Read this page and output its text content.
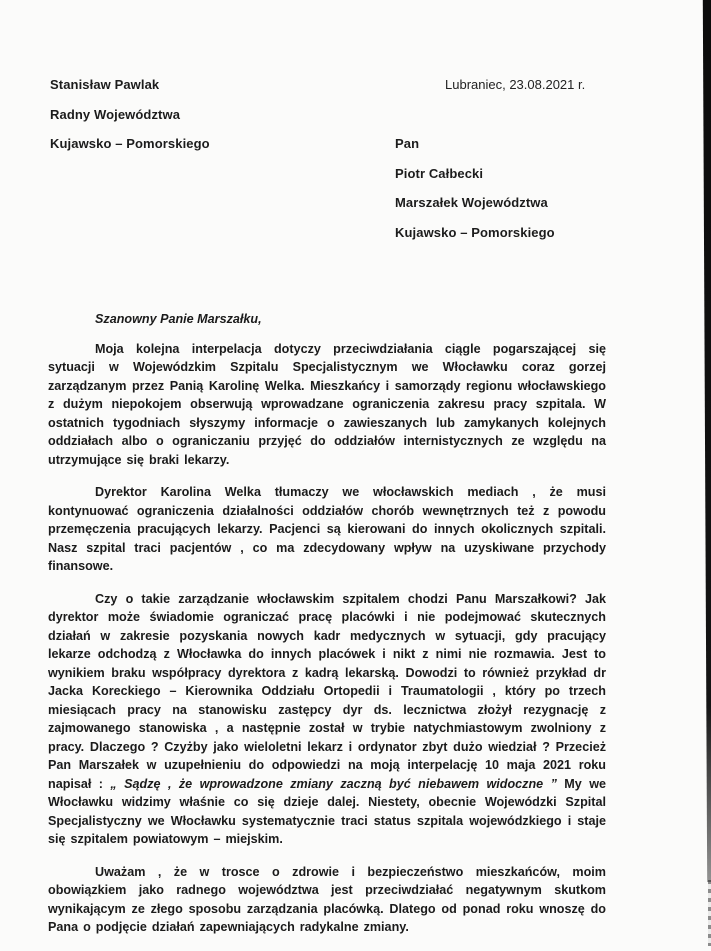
Stanisław Pawlak
Radny Województwa
Kujawsko – Pomorskiego
Lubraniec, 23.08.2021 r.
Pan
Piotr Całbecki
Marszałek Województwa
Kujawsko – Pomorskiego
Szanowny Panie Marszałku,

Moja kolejna interpelacja dotyczy przeciwdziałania ciągle pogarszającej się sytuacji w Wojewódzkim Szpitalu Specjalistycznym we Włocławku coraz gorzej zarządzanym przez Panią Karolinę Welka. Mieszkańcy i samorządy regionu włocławskiego z dużym niepokojem obserwują wprowadzane ograniczenia zakresu pracy szpitala. W ostatnich tygodniach słyszymy informacje o zawieszanych lub zamykanych kolejnych oddziałach albo o ograniczaniu przyjęć do oddziałów internistycznych ze względu na utrzymujące się braki lekarzy.

Dyrektor Karolina Welka tłumaczy we włocławskich mediach , że musi kontynuować ograniczenia działalności oddziałów chorób wewnętrznych też z powodu przemęczenia pracujących lekarzy. Pacjenci są kierowani do innych okolicznych szpitali. Nasz szpital traci pacjentów , co ma zdecydowany wpływ na uzyskiwane przychody finansowe.

Czy o takie zarządzanie włocławskim szpitalem chodzi Panu Marszałkowi? Jak dyrektor może świadomie ograniczać pracę placówki i nie podejmować skutecznych działań w zakresie pozyskania nowych kadr medycznych w sytuacji, gdy pracujący lekarze odchodzą z Włocławka do innych placówek i nikt z nimi nie rozmawia. Jest to wynikiem braku współpracy dyrektora z kadrą lekarską. Dowodzi to również przykład dr Jacka Koreckiego – Kierownika Oddziału Ortopedii i Traumatologii , który po trzech miesiącach pracy na stanowisku zastępcy dyr ds. lecznictwa złożył rezygnację z zajmowanego stanowiska , a następnie został w trybie natychmiastowym zwolniony z pracy. Dlaczego ? Czyżby jako wieloletni lekarz i ordynator zbyt dużo wiedział ? Przecież Pan Marszałek w uzupełnieniu do odpowiedzi na moją interpelację 10 maja 2021 roku napisał : „ Sądzę , że wprowadzone zmiany zaczną być niebawem widoczne ” My we Włocławku widzimy właśnie co się dzieje dalej. Niestety, obecnie Wojewódzki Szpital Specjalistyczny we Włocławku systematycznie traci status szpitala wojewódzkiego i staje się szpitalem powiatowym – miejskim.

Uważam , że w trosce o zdrowie i bezpieczeństwo mieszkańców, moim obowiązkiem jako radnego województwa jest przeciwdziałać negatywnym skutkom wynikającym ze złego sposobu zarządzania placówką. Dlatego od ponad roku wnoszę do Pana o podjęcie działań zapewniających radykalne zmiany.
